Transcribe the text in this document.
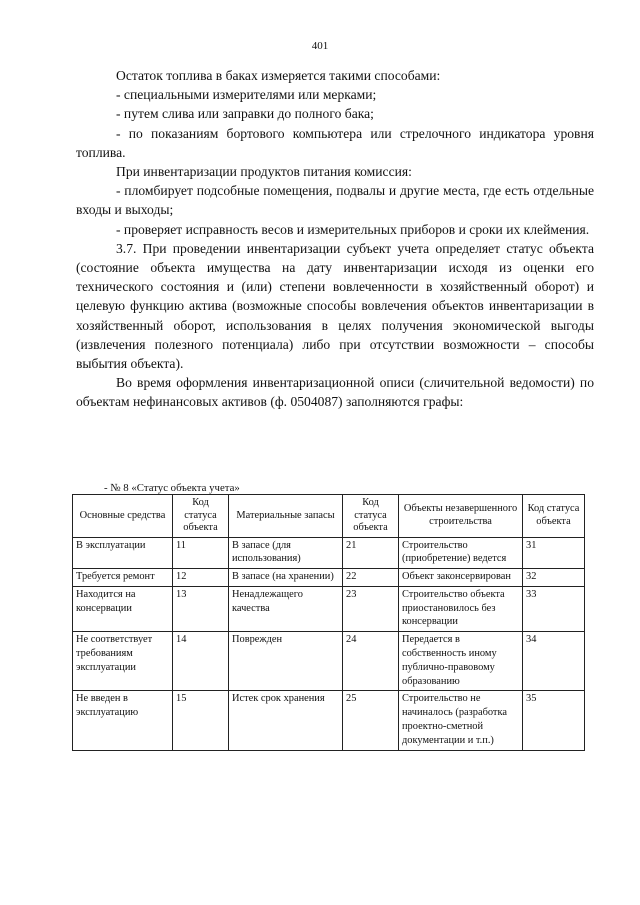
401

Остаток топлива в баках измеряется такими способами:

- специальными измерителями или мерками;

- путем слива или заправки до полного бака;

- по показаниям бортового компьютера или стрелочного индикатора уровня топлива.

При инвентаризации продуктов питания комиссия:

- пломбирует подсобные помещения, подвалы и другие места, где есть отдельные входы и выходы;

- проверяет исправность весов и измерительных приборов и сроки их клеймения.

3.7. При проведении инвентаризации субъект учета определяет статус объекта (состояние объекта имущества на дату инвентаризации исходя из оценки его технического состояния и (или) степени вовлеченности в хозяйственный оборот) и целевую функцию актива (возможные способы вовлечения объектов инвентаризации в хозяйственный оборот, использования в целях получения экономической выгоды (извлечения полезного потенциала) либо при отсутствии возможности – способы выбытия объекта).

Во время оформления инвентаризационной описи (сличительной ведомости) по объектам нефинансовых активов (ф. 0504087) заполняются графы:

- № 8 «Статус объекта учета»
Основные средства	Код статуса объекта	Материальные запасы	Код статуса объекта	Объекты незавершенного строительства	Код статуса объекта
В эксплуатации	11	В запасе (для использования)	21	Строительство (приобретение) ведется	31
Требуется ремонт	12	В запасе (на хранении)	22	Объект законсервирован	32
Находится на консервации	13	Ненадлежащего качества	23	Строительство объекта приостановилось без консервации	33
Не соответствует требованиям эксплуатации	14	Поврежден	24	Передается в собственность иному публично-правовому образованию	34
Не введен в эксплуатацию	15	Истек срок хранения	25	Строительство не начиналось (разработка проектно-сметной документации и т.п.)	35
